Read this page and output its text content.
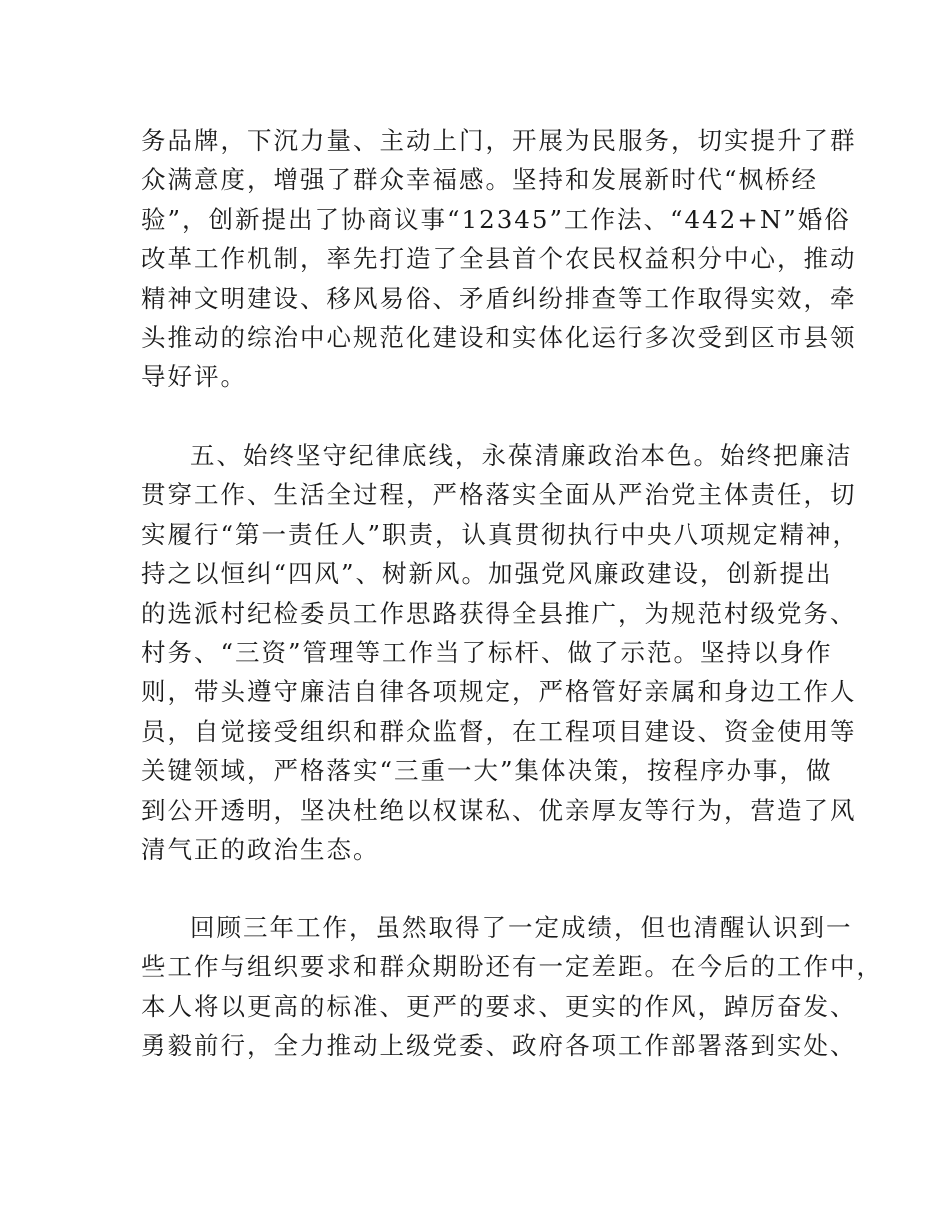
务品牌，下沉力量、主动上门，开展为民服务，切实提升了群
众满意度，增强了群众幸福感。坚持和发展新时代“枫桥经
验”，创新提出了协商议事“12345”工作法、“442+N”婚俗
改革工作机制，率先打造了全县首个农民权益积分中心，推动
精神文明建设、移风易俗、矛盾纠纷排查等工作取得实效，牵
头推动的综治中心规范化建设和实体化运行多次受到区市县领
导好评。
五、始终坚守纪律底线，永葆清廉政治本色。始终把廉洁
贯穿工作、生活全过程，严格落实全面从严治党主体责任，切
实履行“第一责任人”职责，认真贯彻执行中央八项规定精神，
持之以恒纠“四风”、树新风。加强党风廉政建设，创新提出
的选派村纪检委员工作思路获得全县推广，为规范村级党务、
村务、“三资”管理等工作当了标杆、做了示范。坚持以身作
则，带头遵守廉洁自律各项规定，严格管好亲属和身边工作人
员，自觉接受组织和群众监督，在工程项目建设、资金使用等
关键领域，严格落实“三重一大”集体决策，按程序办事，做
到公开透明，坚决杜绝以权谋私、优亲厚友等行为，营造了风
清气正的政治生态。
回顾三年工作，虽然取得了一定成绩，但也清醒认识到一
些工作与组织要求和群众期盼还有一定差距。在今后的工作中，
本人将以更高的标准、更严的要求、更实的作风，踔厉奋发、
勇毅前行，全力推动上级党委、政府各项工作部署落到实处、
